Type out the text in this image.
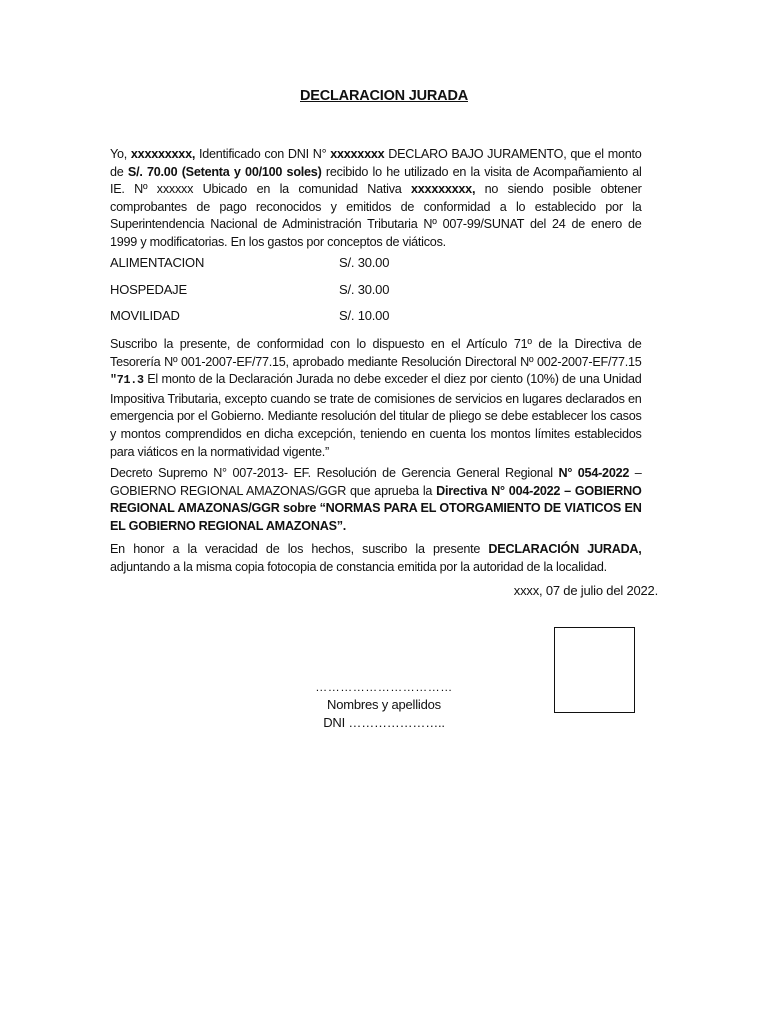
DECLARACION JURADA
Yo, xxxxxxxxx, Identificado con DNI N° xxxxxxxx DECLARO BAJO JURAMENTO, que el monto de S/. 70.00 (Setenta y 00/100 soles) recibido lo he utilizado en la visita de Acompañamiento al IE. Nº xxxxxx Ubicado en la comunidad Nativa xxxxxxxxx, no siendo posible obtener comprobantes de pago reconocidos y emitidos de conformidad a lo establecido por la Superintendencia Nacional de Administración Tributaria Nº 007-99/SUNAT del 24 de enero de 1999 y modificatorias. En los gastos por conceptos de viáticos.
ALIMENTACION	S/. 30.00
HOSPEDAJE	S/. 30.00
MOVILIDAD	S/. 10.00
Suscribo la presente, de conformidad con lo dispuesto en el Artículo 71º de la Directiva de Tesorería Nº 001-2007-EF/77.15, aprobado mediante Resolución Directoral Nº 002-2007-EF/77.15 "71.3 El monto de la Declaración Jurada no debe exceder el diez por ciento (10%) de una Unidad Impositiva Tributaria, excepto cuando se trate de comisiones de servicios en lugares declarados en emergencia por el Gobierno. Mediante resolución del titular de pliego se debe establecer los casos y montos comprendidos en dicha excepción, teniendo en cuenta los montos límites establecidos para viáticos en la normatividad vigente.”
Decreto Supremo N° 007-2013- EF. Resolución de Gerencia General Regional N° 054-2022 – GOBIERNO REGIONAL AMAZONAS/GGR que aprueba la Directiva N° 004-2022 – GOBIERNO REGIONAL AMAZONAS/GGR sobre “NORMAS PARA EL OTORGAMIENTO DE VIATICOS EN EL GOBIERNO REGIONAL AMAZONAS”.
En honor a la veracidad de los hechos, suscribo la presente DECLARACIÓN JURADA, adjuntando a la misma copia fotocopia de constancia emitida por la autoridad de la localidad.
xxxx, 07 de julio del 2022.
……………………………
Nombres y apellidos
DNI …………………..
